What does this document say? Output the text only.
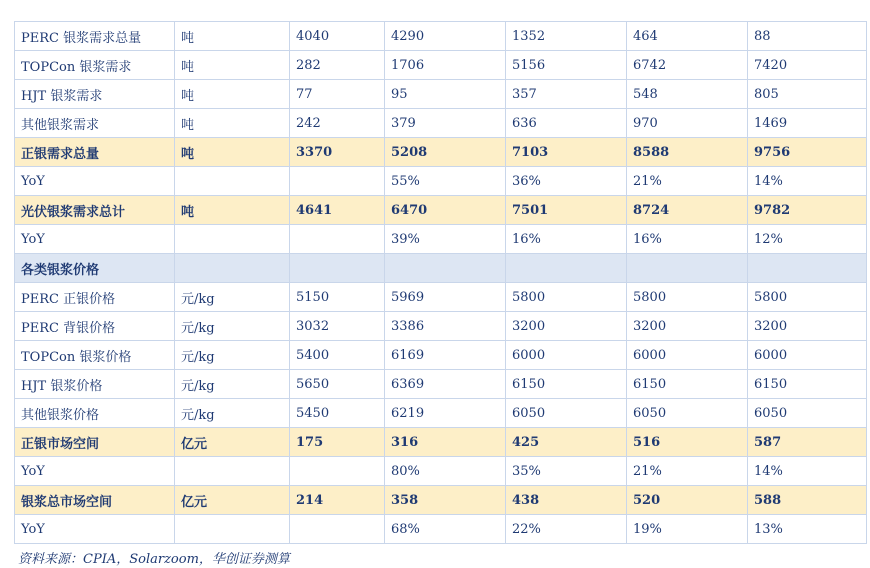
PERC 银浆需求总量	吨	4040	4290	1352	464	88
TOPCon 银浆需求	吨	282	1706	5156	6742	7420
HJT 银浆需求	吨	77	95	357	548	805
其他银浆需求	吨	242	379	636	970	1469
正银需求总量	吨	3370	5208	7103	8588	9756
YoY			55%	36%	21%	14%
光伏银浆需求总计	吨	4641	6470	7501	8724	9782
YoY			39%	16%	16%	12%
各类银浆价格						
PERC 正银价格	元/kg	5150	5969	5800	5800	5800
PERC 背银价格	元/kg	3032	3386	3200	3200	3200
TOPCon 银浆价格	元/kg	5400	6169	6000	6000	6000
HJT 银浆价格	元/kg	5650	6369	6150	6150	6150
其他银浆价格	元/kg	5450	6219	6050	6050	6050
正银市场空间	亿元	175	316	425	516	587
YoY			80%	35%	21%	14%
银浆总市场空间	亿元	214	358	438	520	588
YoY			68%	22%	19%	13%
资料来源：CPIA，Solarzoom，华创证券测算
